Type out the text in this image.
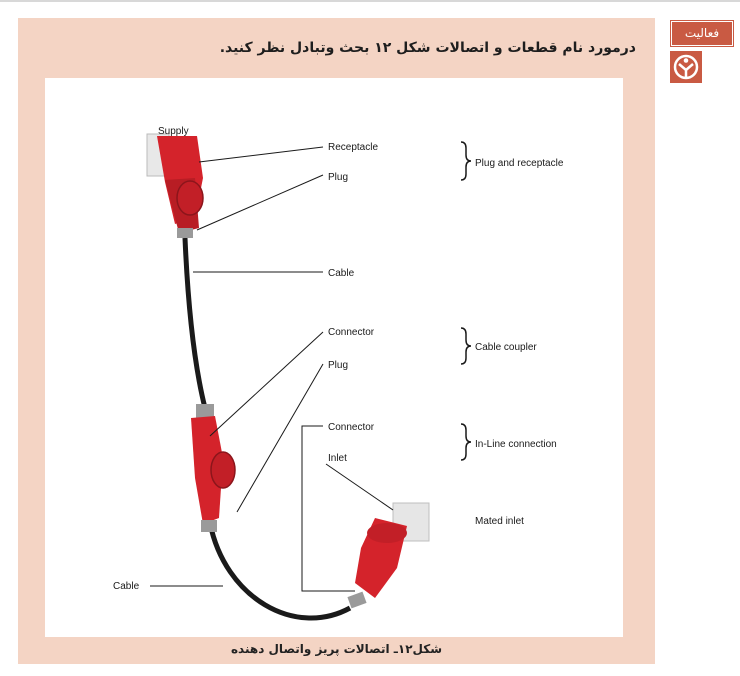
درمورد نام قطعات و اتصالات شکل ۱۲ بحث وتبادل نظر کنید.
Supply
Receptacle
Plug
Cable
Connector
Plug
Connector
Inlet
Cable
Plug and receptacle
Cable coupler
In-Line connection
Mated inlet
شکل۱۲ـ اتصالات پریز واتصال دهنده
فعالیت
